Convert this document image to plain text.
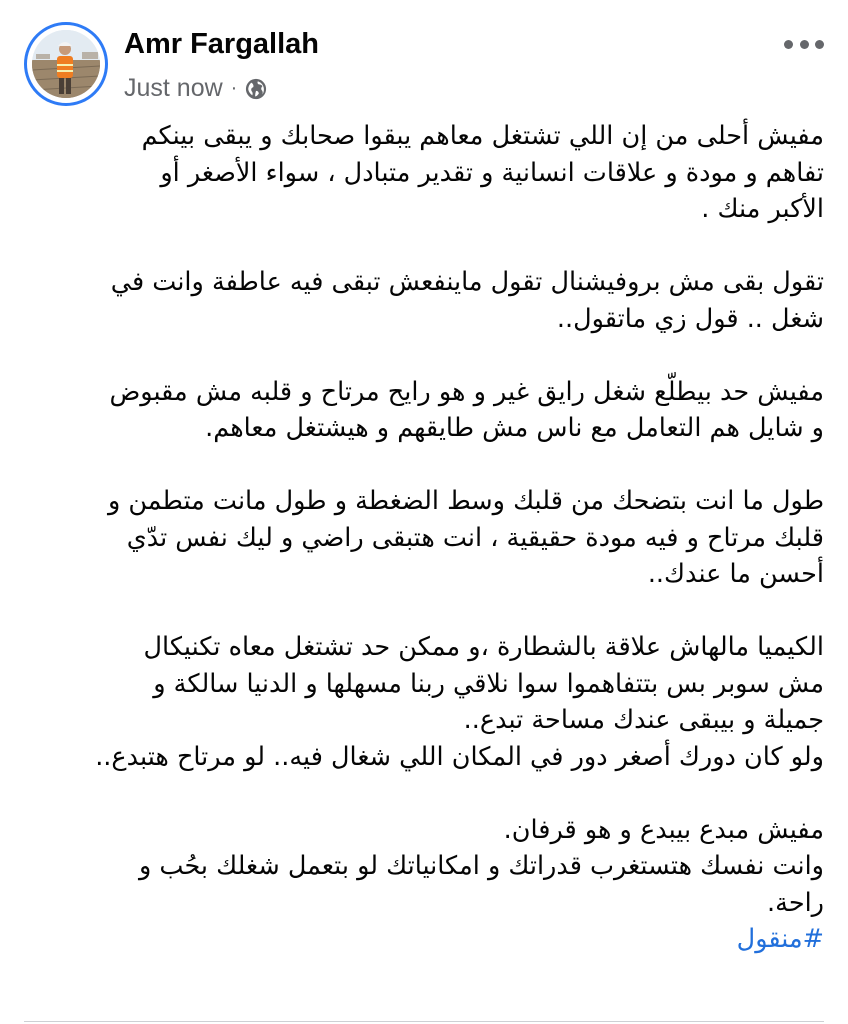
Amr Fargallah
Just now ·

مفيش أحلى من إن اللي تشتغل معاهم يبقوا صحابك و يبقى بينكم
تفاهم و مودة و علاقات انسانية و تقدير متبادل ، سواء الأصغر أو
الأكبر منك .

تقول بقى مش بروفيشنال تقول ماينفعش تبقى فيه عاطفة وانت في
شغل .. قول زي ماتقول..

مفيش حد بيطلّع شغل رايق غير و هو رايح مرتاح و قلبه مش مقبوض
و شايل هم التعامل مع ناس مش طايقهم و هيشتغل معاهم.

طول ما انت بتضحك من قلبك وسط الضغطة و طول مانت متطمن و
قلبك مرتاح و فيه مودة حقيقية ، انت هتبقى راضي و ليك نفس تدّي
أحسن ما عندك..

الكيميا مالهاش علاقة بالشطارة ،و ممكن حد تشتغل معاه تكنيكال
مش سوبر بس بتتفاهموا سوا نلاقي ربنا مسهلها و الدنيا سالكة و
جميلة و بيبقى عندك مساحة تبدع..
ولو كان دورك أصغر دور في المكان اللي شغال فيه.. لو مرتاح هتبدع..

مفيش مبدع بيبدع و هو قرفان.
وانت نفسك هتستغرب قدراتك و امكانياتك لو بتعمل شغلك بحُب و
راحة.

#منقول
